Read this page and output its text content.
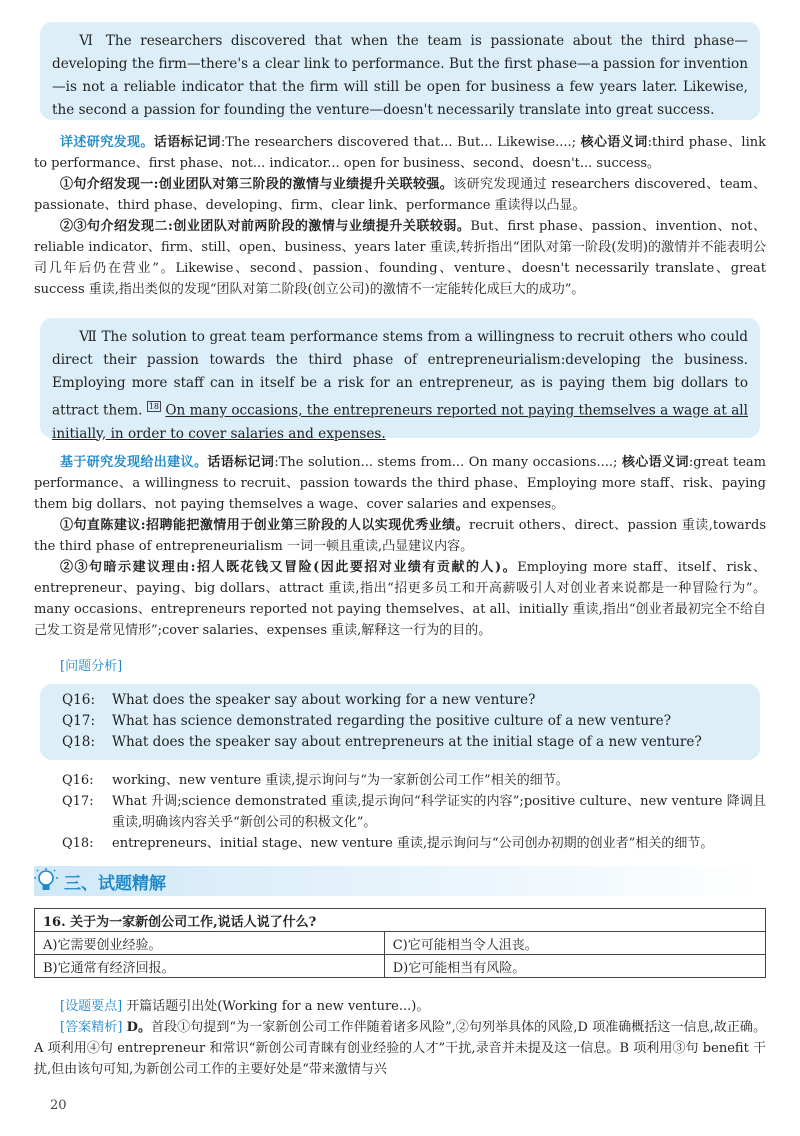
Ⅵ The researchers discovered that when the team is passionate about the third phase—developing the firm—there's a clear link to performance. But the first phase—a passion for invention—is not a reliable indicator that the firm will still be open for business a few years later. Likewise, the second a passion for founding the venture—doesn't necessarily translate into great success.

详述研究发现。话语标记词:The researchers discovered that... But... Likewise....; 核心语义词:third phase、link to performance、first phase、not... indicator... open for business、second、doesn't... success。

①句介绍发现一:创业团队对第三阶段的激情与业绩提升关联较强。该研究发现通过 researchers discovered、team、passionate、third phase、developing、firm、clear link、performance 重读得以凸显。

②③句介绍发现二:创业团队对前两阶段的激情与业绩提升关联较弱。But、first phase、passion、invention、not、reliable indicator、firm、still、open、business、years later 重读,转折指出“团队对第一阶段(发明)的激情并不能表明公司几年后仍在营业”。Likewise、second、passion、founding、venture、doesn't necessarily translate、great success 重读,指出类似的发现“团队对第二阶段(创立公司)的激情不一定能转化成巨大的成功”。

Ⅶ The solution to great team performance stems from a willingness to recruit others who could direct their passion towards the third phase of entrepreneurialism:developing the business. Employing more staff can in itself be a risk for an entrepreneur, as is paying them big dollars to attract them. $^{18}$ On many occasions, the entrepreneurs reported not paying themselves a wage at all initially, in order to cover salaries and expenses.

基于研究发现给出建议。话语标记词:The solution... stems from... On many occasions....; 核心语义词:great team performance、a willingness to recruit、passion towards the third phase、Employing more staff、risk、paying them big dollars、not paying themselves a wage、cover salaries and expenses。

①句直陈建议:招聘能把激情用于创业第三阶段的人以实现优秀业绩。recruit others、direct、passion 重读,towards the third phase of entrepreneurialism 一词一顿且重读,凸显建议内容。

②③句暗示建议理由:招人既花钱又冒险(因此要招对业绩有贡献的人)。Employing more staff、itself、risk、entrepreneur、paying、big dollars、attract 重读,指出“招更多员工和开高薪吸引人对创业者来说都是一种冒险行为”。many occasions、entrepreneurs reported not paying themselves、at all、initially 重读,指出“创业者最初完全不给自己发工资是常见情形”;cover salaries、expenses 重读,解释这一行为的目的。

[问题分析]

Q16:	What does the speaker say about working for a new venture?
Q17:	What has science demonstrated regarding the positive culture of a new venture?
Q18:	What does the speaker say about entrepreneurs at the initial stage of a new venture?
Q16:	working、new venture 重读,提示询问与“为一家新创公司工作”相关的细节。
Q17:	What 升调;science demonstrated 重读,提示询问“科学证实的内容”;positive culture、new venture 降调且重读,明确该内容关乎“新创公司的积极文化”。
Q18:	entrepreneurs、initial stage、new venture 重读,提示询问与“公司创办初期的创业者”相关的细节。
三、试题精解
16. 关于为一家新创公司工作,说话人说了什么?	
A)它需要创业经验。	C)它可能相当令人沮丧。
B)它通常有经济回报。	D)它可能相当有风险。

[设题要点] 开篇话题引出处(Working for a new venture...)。

[答案精析] D。首段①句提到“为一家新创公司工作伴随着诸多风险”,②句列举具体的风险,D 项准确概括这一信息,故正确。A 项利用④句 entrepreneur 和常识“新创公司青睐有创业经验的人才”干扰,录音并未提及这一信息。B 项利用③句 benefit 干扰,但由该句可知,为新创公司工作的主要好处是“带来激情与兴

20
